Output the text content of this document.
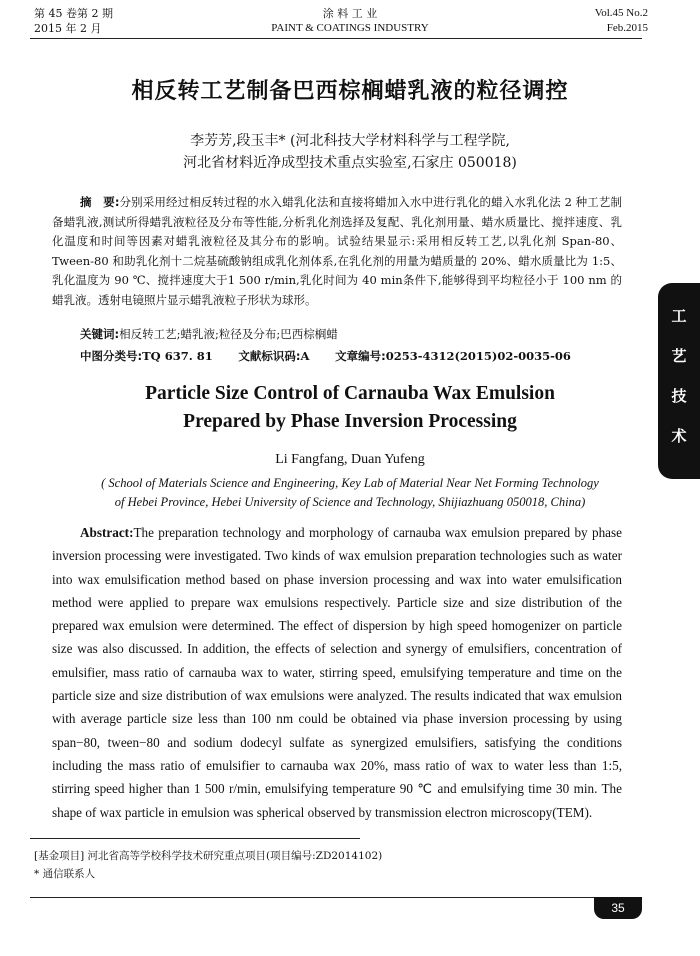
第 45 卷第 2 期
2015 年 2 月
涂 料 工 业
PAINT & COATINGS INDUSTRY
Vol.45 No.2
Feb.2015
工
艺
技
术
相反转工艺制备巴西棕榈蜡乳液的粒径调控
李芳芳,段玉丰* (河北科技大学材料科学与工程学院,
河北省材料近净成型技术重点实验室,石家庄 050018)
摘　要:分别采用经过相反转过程的水入蜡乳化法和直接将蜡加入水中进行乳化的蜡入水乳化法 2 种工艺制备蜡乳液,测试所得蜡乳液粒径及分布等性能,分析乳化剂选择及复配、乳化剂用量、蜡水质量比、搅拌速度、乳化温度和时间等因素对蜡乳液粒径及其分布的影响。试验结果显示:采用相反转工艺,以乳化剂 Span-80、Tween-80 和助乳化剂十二烷基硫酸钠组成乳化剂体系,在乳化剂的用量为蜡质量的 20%、蜡水质量比为 1:5、乳化温度为 90 ℃、搅拌速度大于1 500 r/min,乳化时间为 40 min条件下,能够得到平均粒径小于 100 nm 的蜡乳液。透射电镜照片显示蜡乳液粒子形状为球形。
关键词:相反转工艺;蜡乳液;粒径及分布;巴西棕榈蜡
中图分类号:TQ 637. 81 文献标识码:A 文章编号:0253-4312(2015)02-0035-06
Particle Size Control of Carnauba Wax Emulsion
Prepared by Phase Inversion Processing
Li Fangfang, Duan Yufeng
( School of Materials Science and Engineering, Key Lab of Material Near Net Forming Technology
of Hebei Province, Hebei University of Science and Technology, Shijiazhuang 050018, China)
Abstract:The preparation technology and morphology of carnauba wax emulsion prepared by phase inversion processing were investigated. Two kinds of wax emulsion preparation technologies such as water into wax emulsification method based on phase inversion processing and wax into water emulsification method were applied to prepare wax emulsions respectively. Particle size and size distribution of the prepared wax emulsion were determined. The effect of dispersion by high speed homogenizer on particle size was also discussed. In addition, the effects of selection and synergy of emulsifiers, concentration of emulsifier, mass ratio of carnauba wax to water, stirring speed, emulsifying temperature and time on the particle size and size distribution of wax emulsions were analyzed. The results indicated that wax emulsion with average particle size less than 100 nm could be obtained via phase inversion processing by using span−80, tween−80 and sodium dodecyl sulfate as synergized emulsifiers, satisfying the conditions including the mass ratio of emulsifier to carnauba wax 20%, mass ratio of wax to water less than 1:5, stirring speed higher than 1 500 r/min, emulsifying temperature 90 ℃ and emulsifying time 30 min. The shape of wax particle in emulsion was spherical observed by transmission electron microscopy(TEM).
[基金项目] 河北省高等学校科学技术研究重点项目(项目编号:ZD2014102)
* 通信联系人
35
